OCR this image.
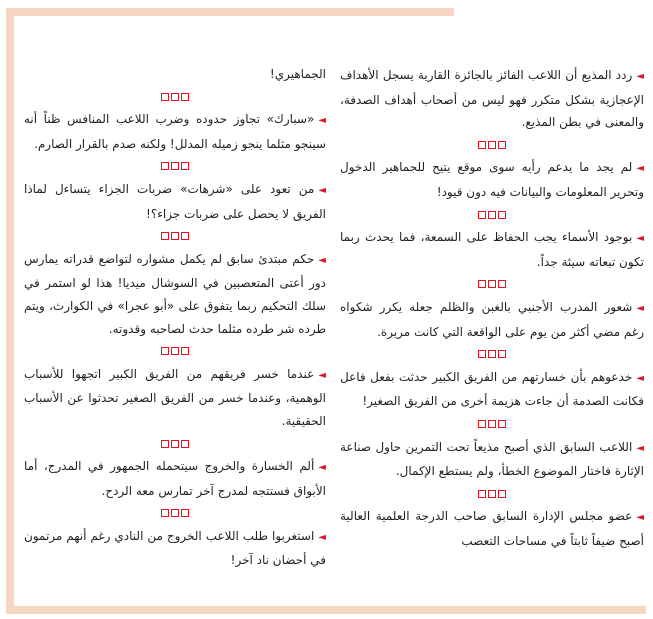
◄ردد المذيع أن اللاعب الفائز بالجائزة القارية يسجل الأهداف الإعجازية بشكل متكرر فهو ليس من أصحاب أهداف الصدفة، والمعنى في بطن المذيع.

◄لم يجد ما يدعم رأيه سوى موقع يتيح للجماهير الدخول وتحرير المعلومات والبيانات فيه دون قيود!

◄بوجود الأسماء يجب الحفاظ على السمعة، فما يحدث ربما تكون تبعاته سيئة جداً.

◄شعور المدرب الأجنبي بالغبن والظلم جعله يكرر شكواه رغم مضي أكثر من يوم على الواقعة التي كانت مريرة.

◄خدعوهم بأن خسارتهم من الفريق الكبير حدثت بفعل فاعل فكانت الصدمة أن جاءت هزيمة أخرى من الفريق الصغير!

◄اللاعب السابق الذي أصبح مذيعاً تحت التمرين حاول صناعة الإثارة فاختار الموضوع الخطأ، ولم يستطع الإكمال.

◄عضو مجلس الإدارة السابق صاحب الدرجة العلمية العالية أصبح ضيفاً ثابتاً في مساحات التعصب

الجماهيري!

◄«سبارك» تجاوز حدوده وضرب اللاعب المنافس ظناً أنه سينجو مثلما ينجو زميله المدلل! ولكنه صدم بالقرار الصارم.

◄من تعود على «شرهات» ضربات الجزاء يتساءل لماذا الفريق لا يحصل على ضربات جزاء؟!

◄حكم مبتدئ سابق لم يكمل مشواره لتواضع قدراته يمارس دور أعتى المتعصبين في السوشال ميديا! هذا لو استمر في سلك التحكيم ربما يتفوق على «أبو عجرا» في الكوارث، ويتم طرده شر طرده مثلما حدث لصاحبه وقدوته.

◄عندما خسر فريقهم من الفريق الكبير اتجهوا للأسباب الوهمية، وعندما خسر من الفريق الصغير تحدثوا عن الأسباب الحقيقية.

◄ألم الخسارة والخروج سيتحمله الجمهور في المدرج، أما الأبواق فستتجه لمدرج آخر تمارس معه الردح.

◄استغربوا طلب اللاعب الخروج من النادي رغم أنهم مرتمون في أحضان ناد آخر!
